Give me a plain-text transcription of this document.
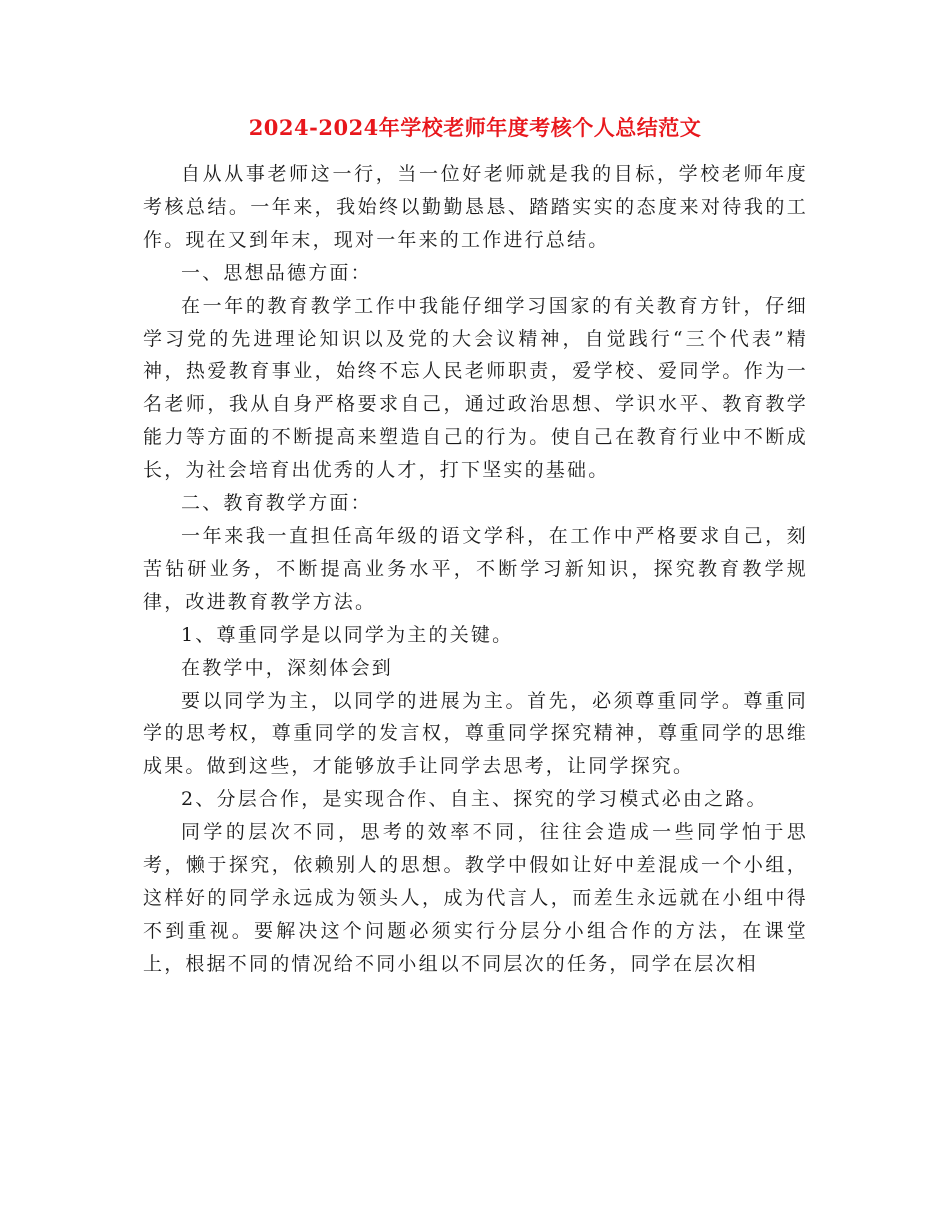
2024-2024年学校老师年度考核个人总结范文

自从从事老师这一行，当一位好老师就是我的目标，学校老师年度考核总结。一年来，我始终以勤勤恳恳、踏踏实实的态度来对待我的工作。现在又到年末，现对一年来的工作进行总结。

一、思想品德方面：

在一年的教育教学工作中我能仔细学习国家的有关教育方针，仔细学习党的先进理论知识以及党的大会议精神，自觉践行“三个代表”精神，热爱教育事业，始终不忘人民老师职责，爱学校、爱同学。作为一名老师，我从自身严格要求自己，通过政治思想、学识水平、教育教学能力等方面的不断提高来塑造自己的行为。使自己在教育行业中不断成长，为社会培育出优秀的人才，打下坚实的基础。

二、教育教学方面：

一年来我一直担任高年级的语文学科，在工作中严格要求自己，刻苦钻研业务，不断提高业务水平，不断学习新知识，探究教育教学规律，改进教育教学方法。

1、尊重同学是以同学为主的关键。

在教学中，深刻体会到

要以同学为主，以同学的进展为主。首先，必须尊重同学。尊重同学的思考权，尊重同学的发言权，尊重同学探究精神，尊重同学的思维成果。做到这些，才能够放手让同学去思考，让同学探究。

2、分层合作，是实现合作、自主、探究的学习模式必由之路。

同学的层次不同，思考的效率不同，往往会造成一些同学怕于思考，懒于探究，依赖别人的思想。教学中假如让好中差混成一个小组，这样好的同学永远成为领头人，成为代言人，而差生永远就在小组中得不到重视。要解决这个问题必须实行分层分小组合作的方法，在课堂上，根据不同的情况给不同小组以不同层次的任务，同学在层次相
